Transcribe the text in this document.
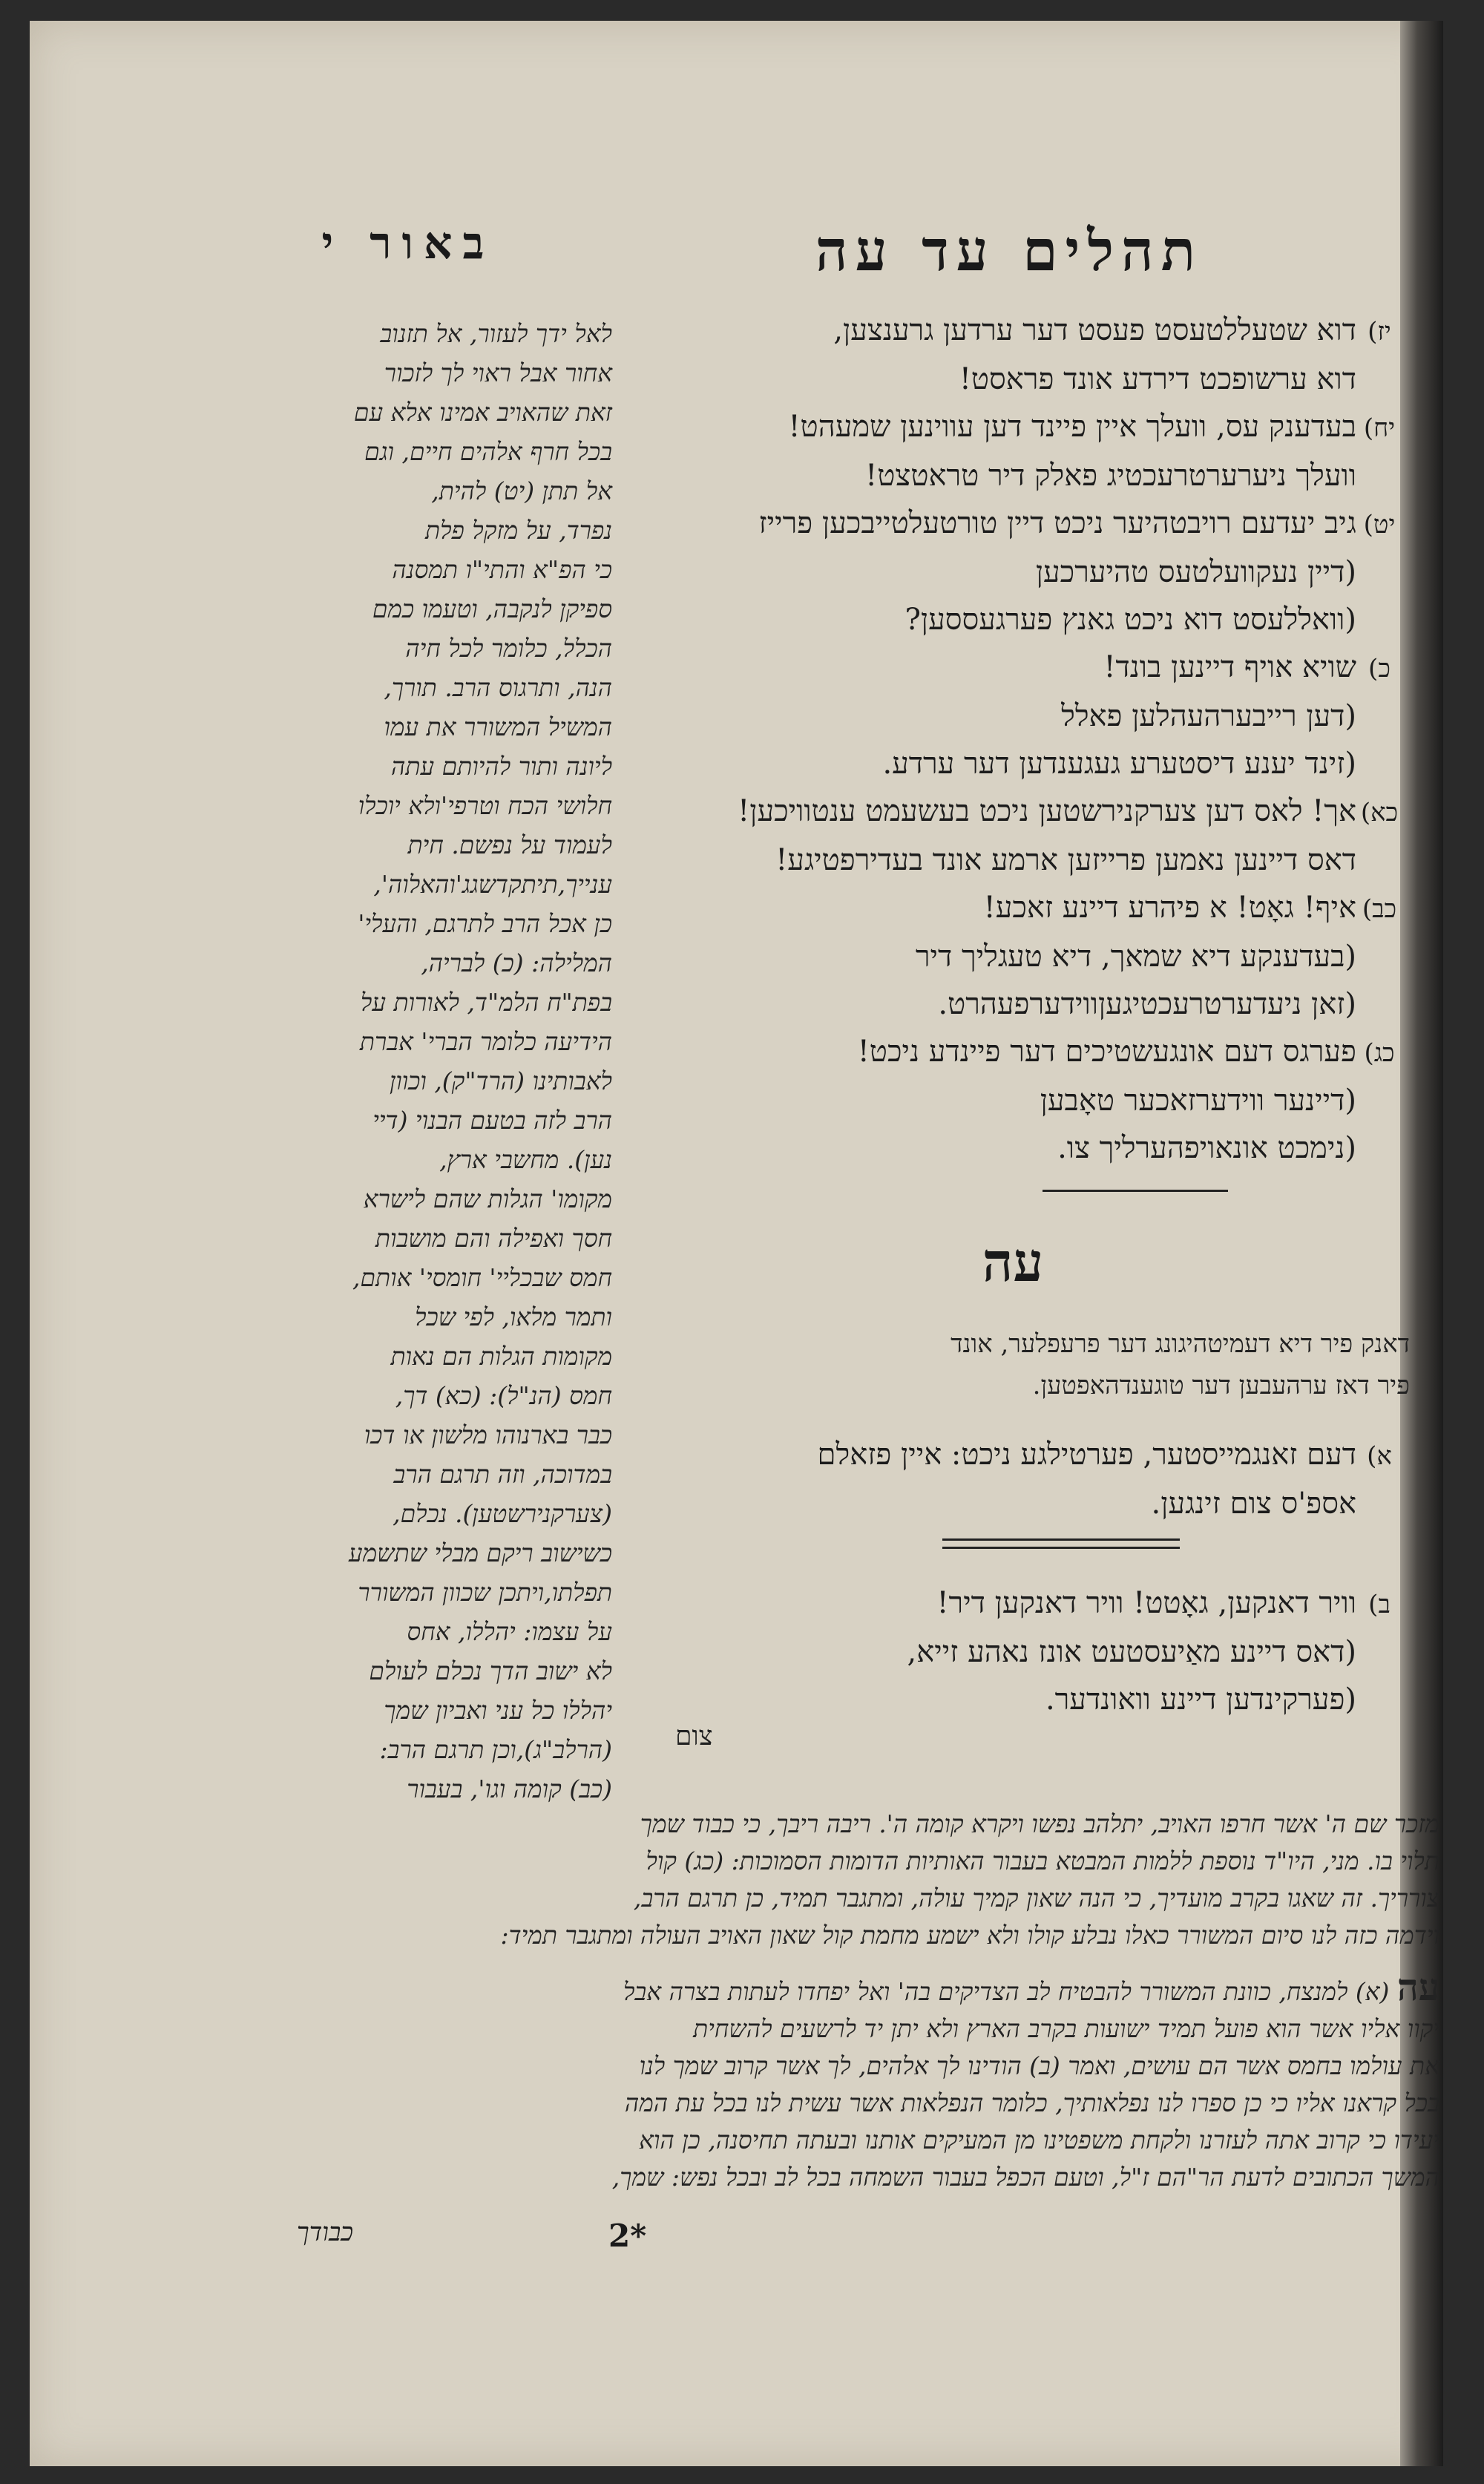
תהלים עד עה
באור י
(יז
דוא שטעללטעסט פעסט דער ערדען גרענצען,
דוא ערשופכט דירדע אונד פראסט!
(יח
בעדענק עס, וועלך איין פיינד דען עווינען שמעהט!
וועלך ניערערטרעכטיג פאלק דיר טראטצט!
(יט
גיב יעדעם רויבטהיער ניכט דיין טורטעלטייבכען פרייז
(דיין נעקוועלטעס טהיערכען
(וואללעסט דוא ניכט גאנץ פערגעססען?
(כ
שויא אויף דיינען בונד!
(דען רייבערהעהלען פאלל
(זינד יענע דיסטערע געגענדען דער ערדע.
(כא
אך! לאס דען צערקנירשטען ניכט בעשעמט ענטוויכען!
דאס דיינען נאמען פרייזען ארמע אונד בעדירפטיגע!
(כב
איף! גאָט! א פיהרע דיינע זאכע!
(בעדענקע דיא שמאך, דיא טעגליך דיר
(זאן ניעדערטרעכטיגעןווידערפעהרט.
(כג
פערגס דעם אונגעשטיכים דער פיינדע ניכט!
(דיינער ווידערזאכער טאָבען
(נימכט אונאויפהערליך צו.
עה
דאנק פיר דיא דעמיטהיגונג דער פרעפלער, אונד
פיר דאז ערהעבען דער טוגענדהאפטען.
(א
דעם זאנגמייסטער, פערטילגע ניכט: איין פזאלם
אספ'ס צום זינגען.
(ב
וויר דאנקען, גאָטט! וויר דאנקען דיר!
(דאס דיינע מאַיעסטעט אונז נאהע זייא,
(פערקינדען דיינע וואונדער.
צום
לאל ידך לעזור, אל תזנוב
אחור אבל ראוי לך לזכור
זאת שהאויב אמינו אלא עם
בכל חרף אלהים חיים, וגם
אל תתן (יט) להית,
נפרד, על מזקל פלת
כי הפ"א והתי"ו תמסנה
ספיקן לנקבה, וטעמו כמם
הכלל, כלומר לכל חיה
הנה, ותרגוס הרב. תורך,
המשיל המשורר את עמו
ליונה ותור להיותם עתה
חלושי הכח וטרפי'ולא יוכלו
לעמוד על נפשם. חית
ענייך,תיתקדשגג'והאלוה',
כן אכל הרב לתרגם, והעלי'
המלילה: (כ) לבריה,
בפת"ח הלמ"ד, לאורות על
הידיעה כלומר הברי' אברת
לאבותינו (הרד"ק), וכוון
הרב לזה בטעם הבנוי (דיי
נען). מחשבי ארץ,
מקומו' הגלות שהם לישרא
חסך ואפילה והם מושבות
חמס שבכליי' חומסי' אותם,
ותמר מלאו, לפי שכל
מקומות הגלות הם נאות
חמס (הנ"ל): (כא) דך,
כבר בארנוהו מלשון או דכו
במדוכה, וזה תרגם הרב
(צערקנירשטען). נכלם,
כשישוב ריקם מבלי שתשמע
תפלתו,ויתכן שכוון המשורר
על עצמו: יהללו, אחס
לא ישוב הדך נכלם לעולם
יהללו כל עני ואביון שמך
(הרלב"ג),וכן תרגם הרב:
(כב) קומה וגו', בעבור
מזכר שם ה' אשר חרפו האויב, יתלהב נפשו ויקרא קומה ה'. ריבה ריבך, כי כבוד שמך
תלוי בו. מני, היו"ד נוספת ללמות המבטא בעבור האותיות הדומות הסמוכות: (כג) קול
צורריך. זה שאגו בקרב מועדיך, כי הנה שאון קמיך עולה, ומתגבר תמיד, כן תרגם הרב,
וידמה כזה לנו סיום המשורר כאלו נבלע קולו ולא ישמע מחמת קול שאון האויב העולה ומתגבר תמיד:
עה (א) למנצח, כוונת המשורר להבטיח לב הצדיקים בה' ואל יפחדו לעתות בצרה אבל
יקוו אליו אשר הוא פועל תמיד ישועות בקרב הארץ ולא יתן יד לרשעים להשחית
את עולמו בחמס אשר הם עושים, ואמר (ב) הודינו לך אלהים, לך אשר קרוב שמך לנו
בכל קראנו אליו כי כן ספרו לנו נפלאותיך, כלומר הנפלאות אשר עשית לנו בכל עת המה
יעידו כי קרוב אתה לעזרנו ולקחת משפטינו מן המעיקים אותנו ובעתה תחיסנה, כן הוא
המשך הכתובים לדעת הר"הם ז"ל, וטעם הכפל בעבור השמחה בכל לב ובכל נפש: שמך,
2*
כבודך
